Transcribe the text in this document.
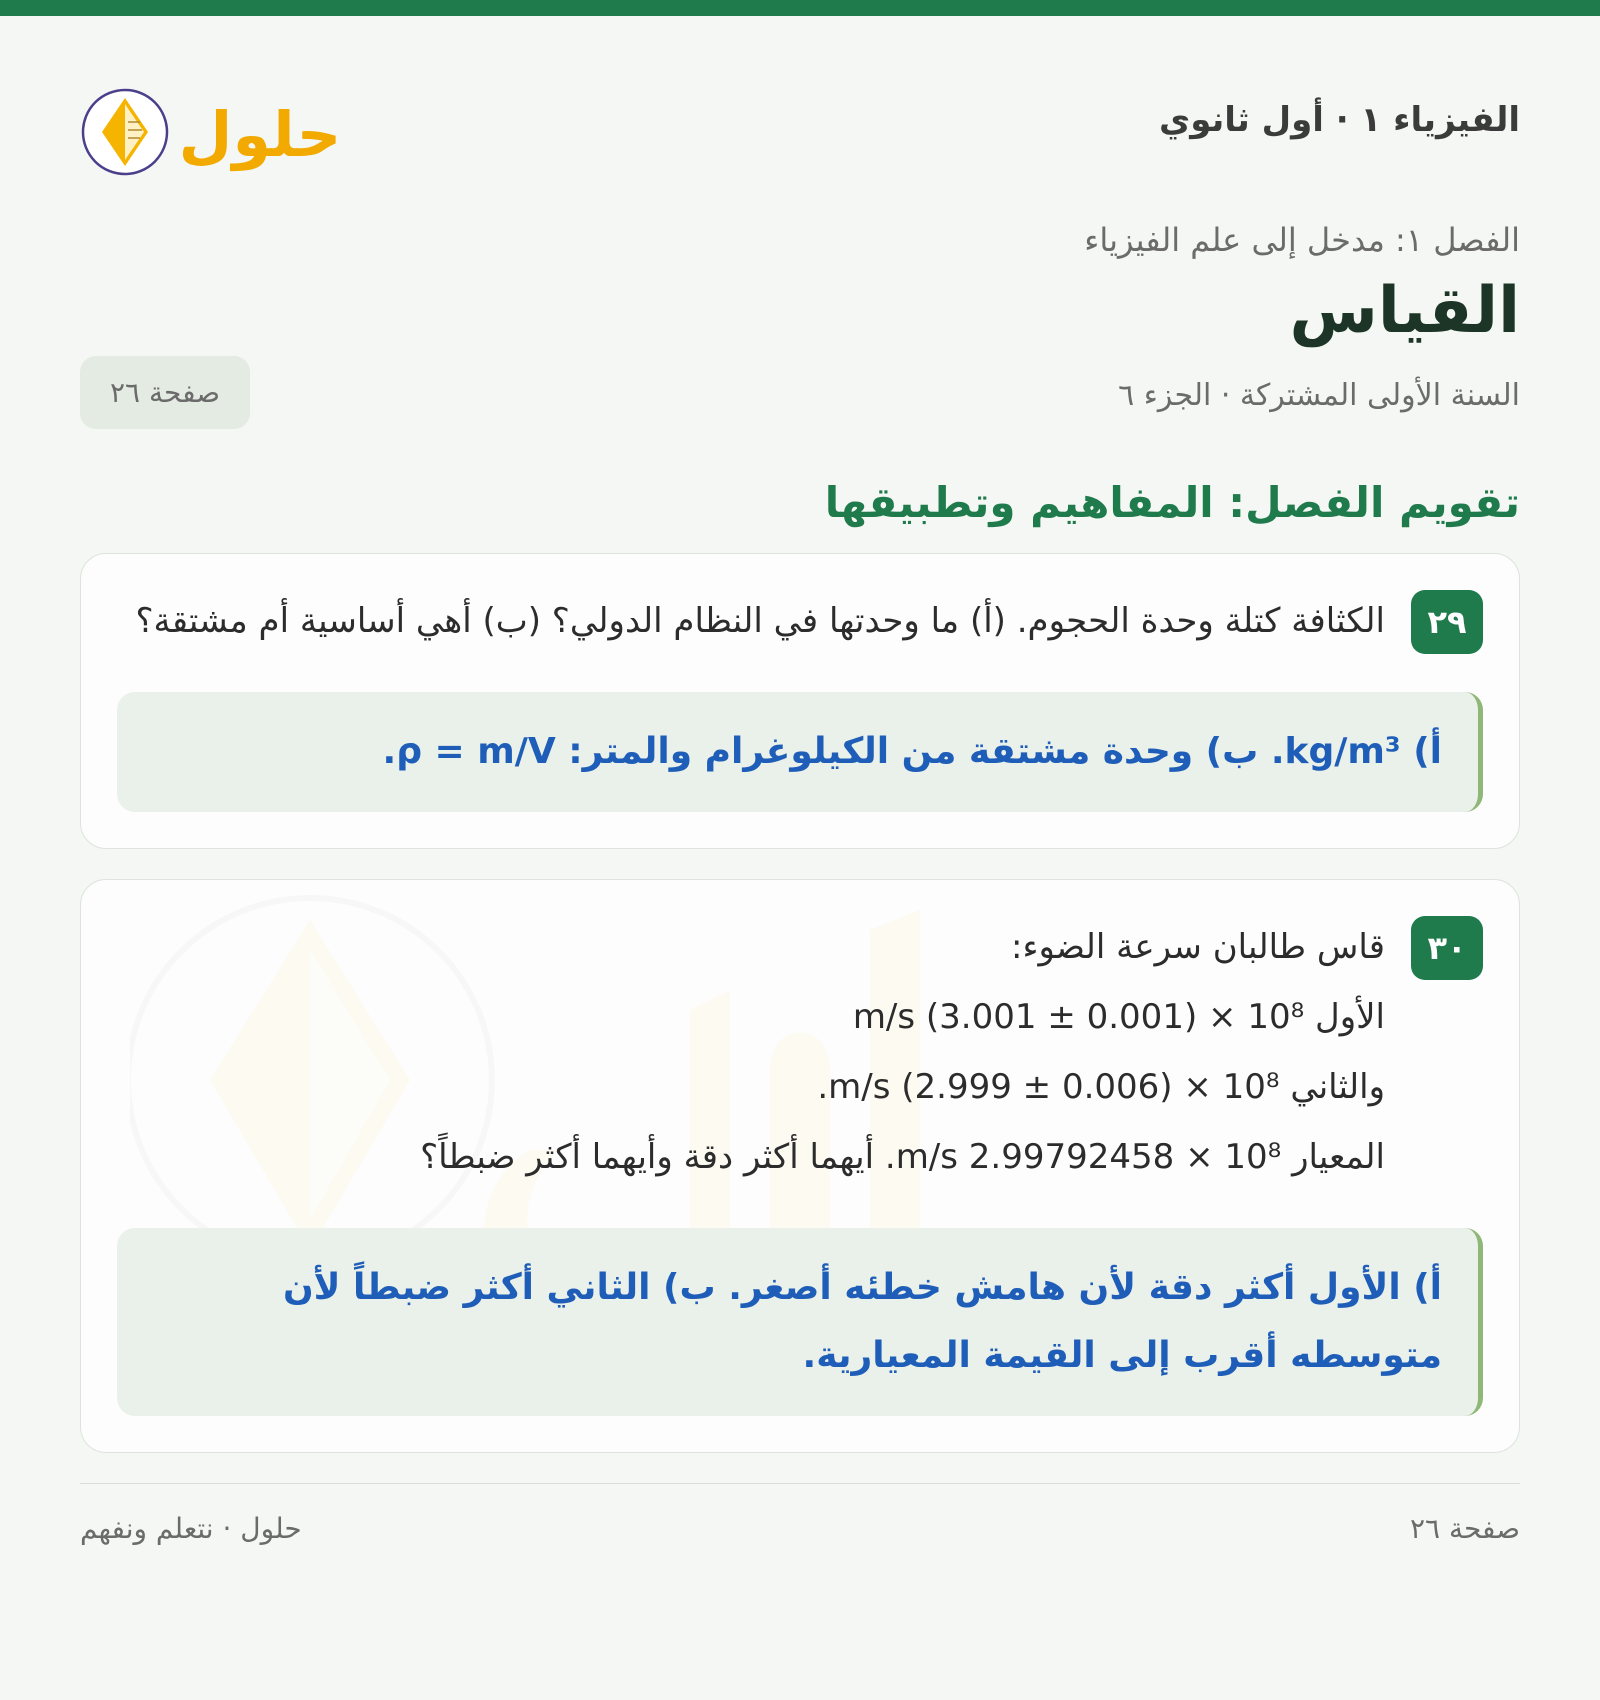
الفيزياء ١ · أول ثانوي
حلول
الفصل ١: مدخل إلى علم الفيزياء
القياس
السنة الأولى المشتركة · الجزء ٦
صفحة ٢٦
تقويم الفصل: المفاهيم وتطبيقها
٢٩
الكثافة كتلة وحدة الحجوم. (أ) ما وحدتها في النظام الدولي؟ (ب) أهي أساسية أم مشتقة؟
أ) kg/m³. ب) وحدة مشتقة من الكيلوغرام والمتر: ρ = m/V.
٣٠
قاس طالبان سرعة الضوء:
الأول m/s (3.001 ± 0.001) × 10⁸
والثاني m/s (2.999 ± 0.006) × 10⁸.
المعيار m/s 2.99792458 × 10⁸. أيهما أكثر دقة وأيهما أكثر ضبطاً؟
أ) الأول أكثر دقة لأن هامش خطئه أصغر. ب) الثاني أكثر ضبطاً لأن متوسطه أقرب إلى القيمة المعيارية.
صفحة ٢٦
حلول · نتعلم ونفهم
